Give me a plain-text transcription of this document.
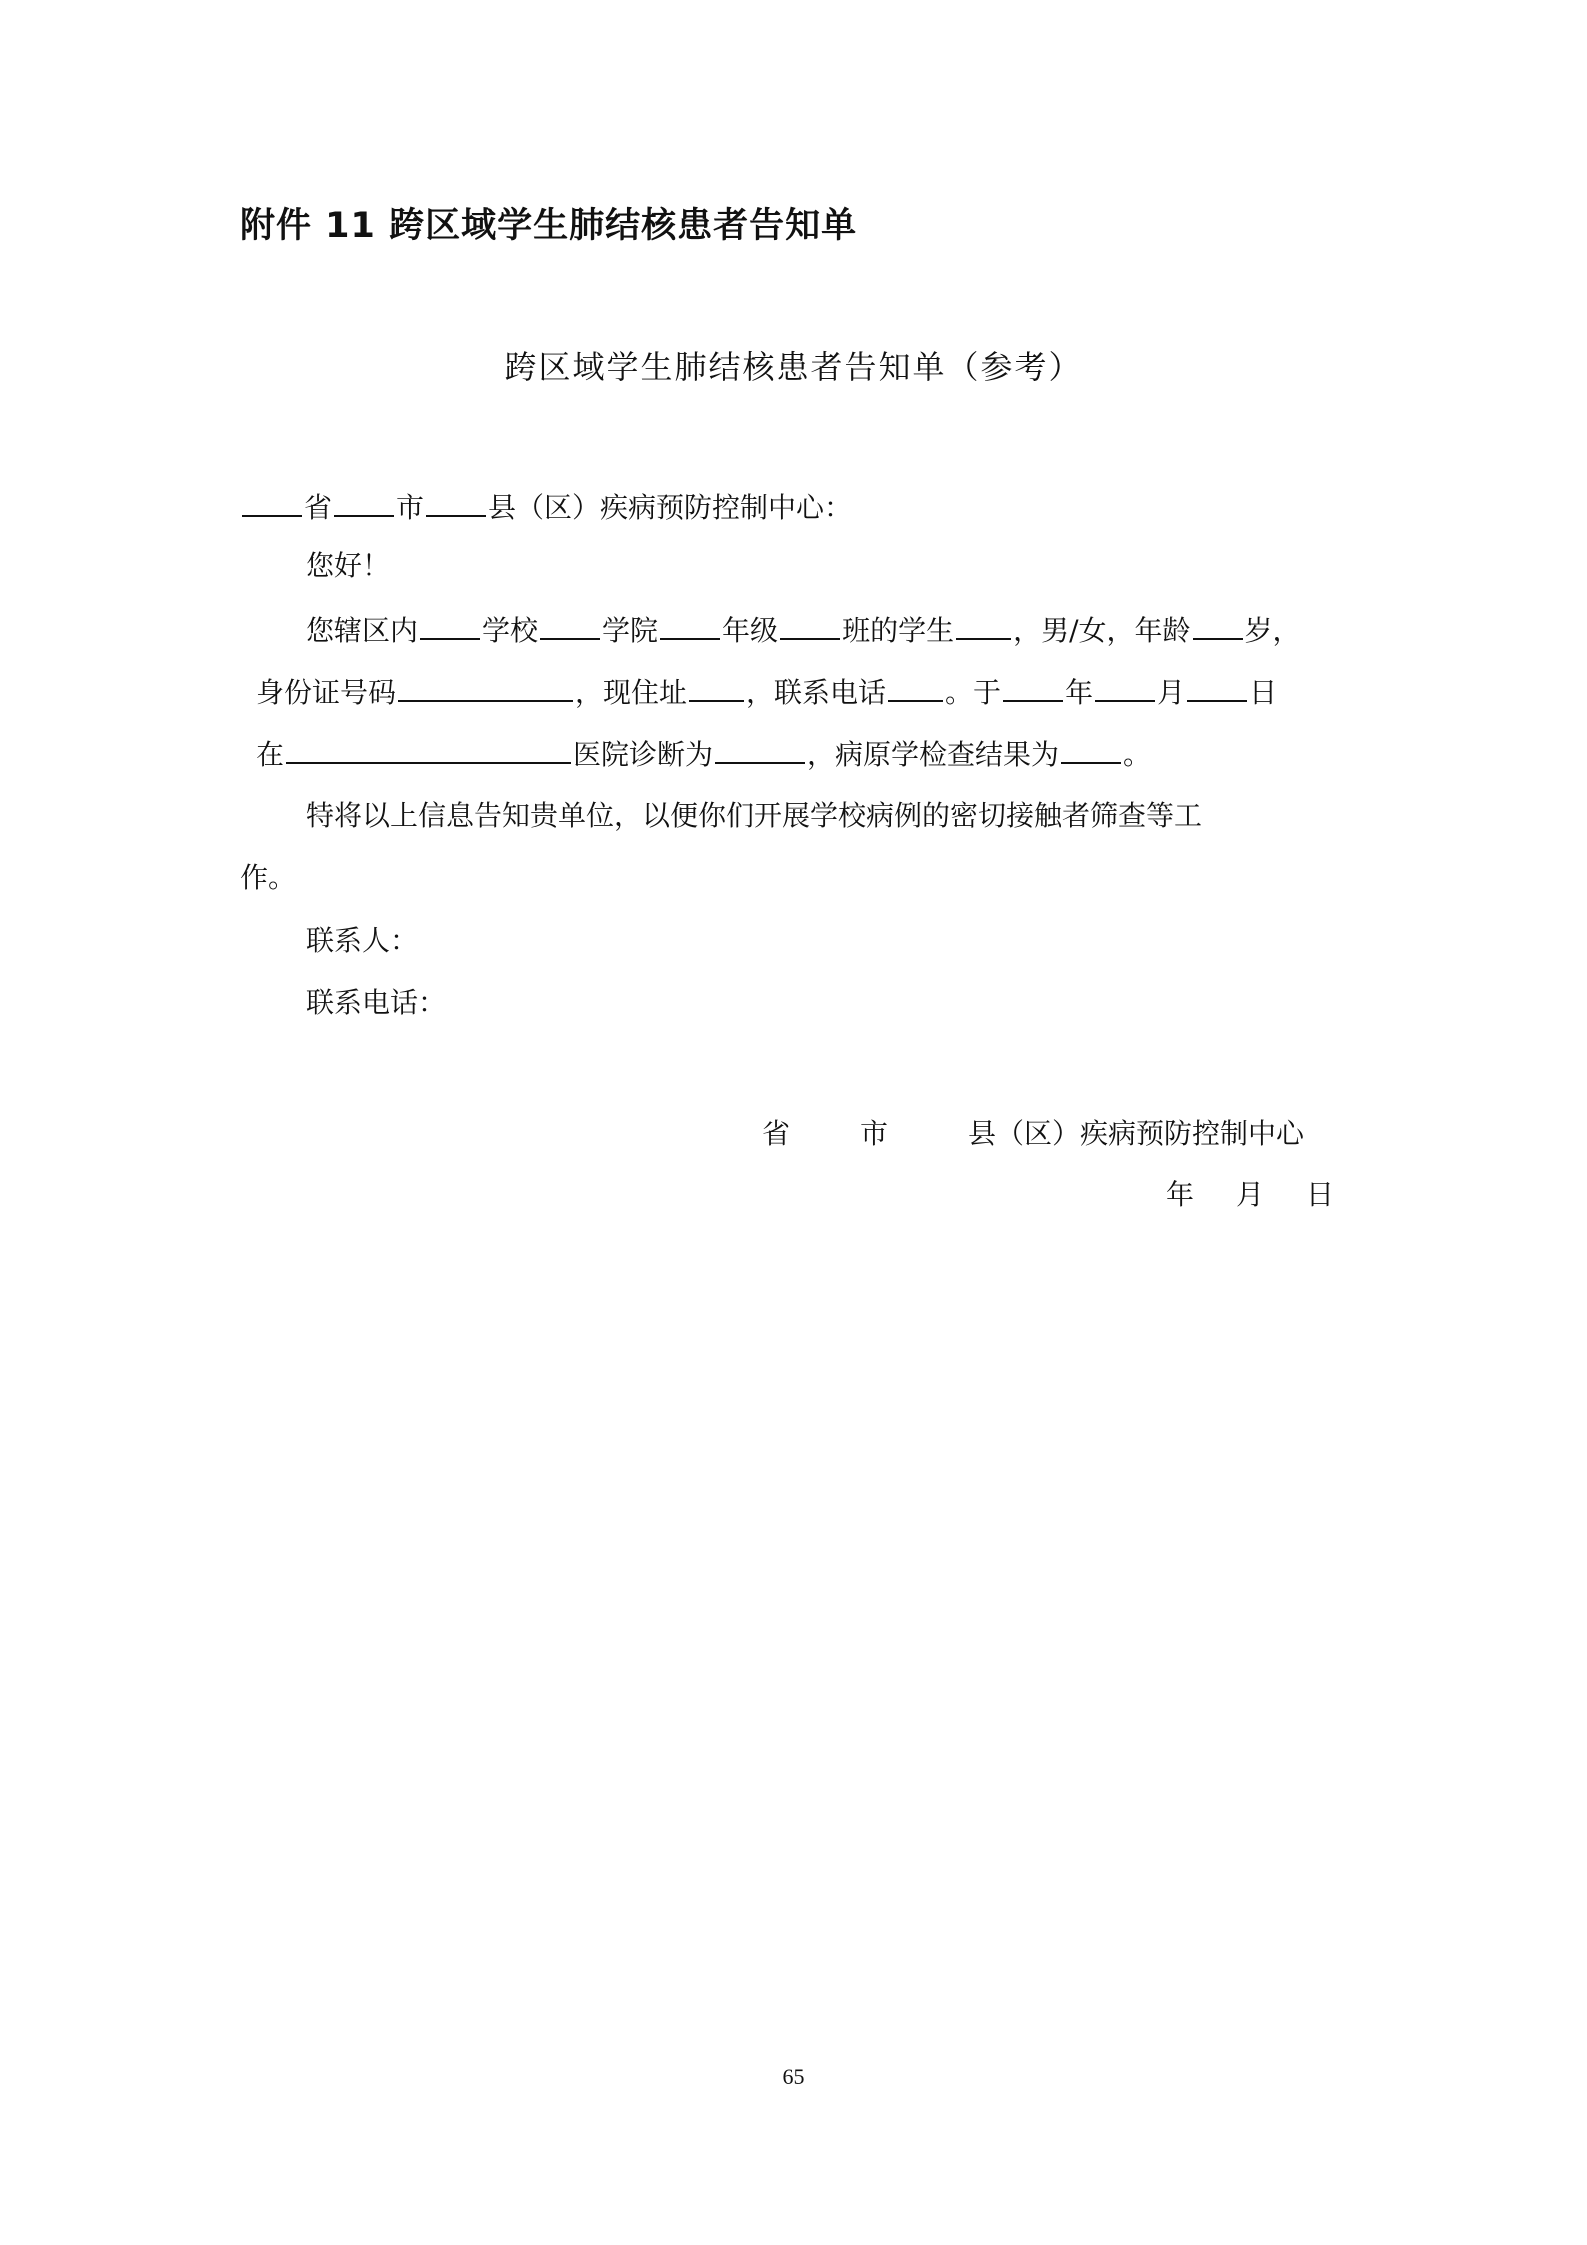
附件 11 跨区域学生肺结核患者告知单
跨区域学生肺结核患者告知单（参考）
省 市 县（区）疾病预防控制中心：
您好！
您辖区内 学校 学院 年级 班的学生 ，男/女，年龄 岁，
身份证号码	，现住址 ，联系电话 。于 年 月 日
在	医院诊断为	，病原学检查结果为 。
特将以上信息告知贵单位，以便你们开展学校病例的密切接触者筛查等工
作。
联系人：
联系电话：
省	市	县（区）疾病预防控制中心
年 月 日
65
